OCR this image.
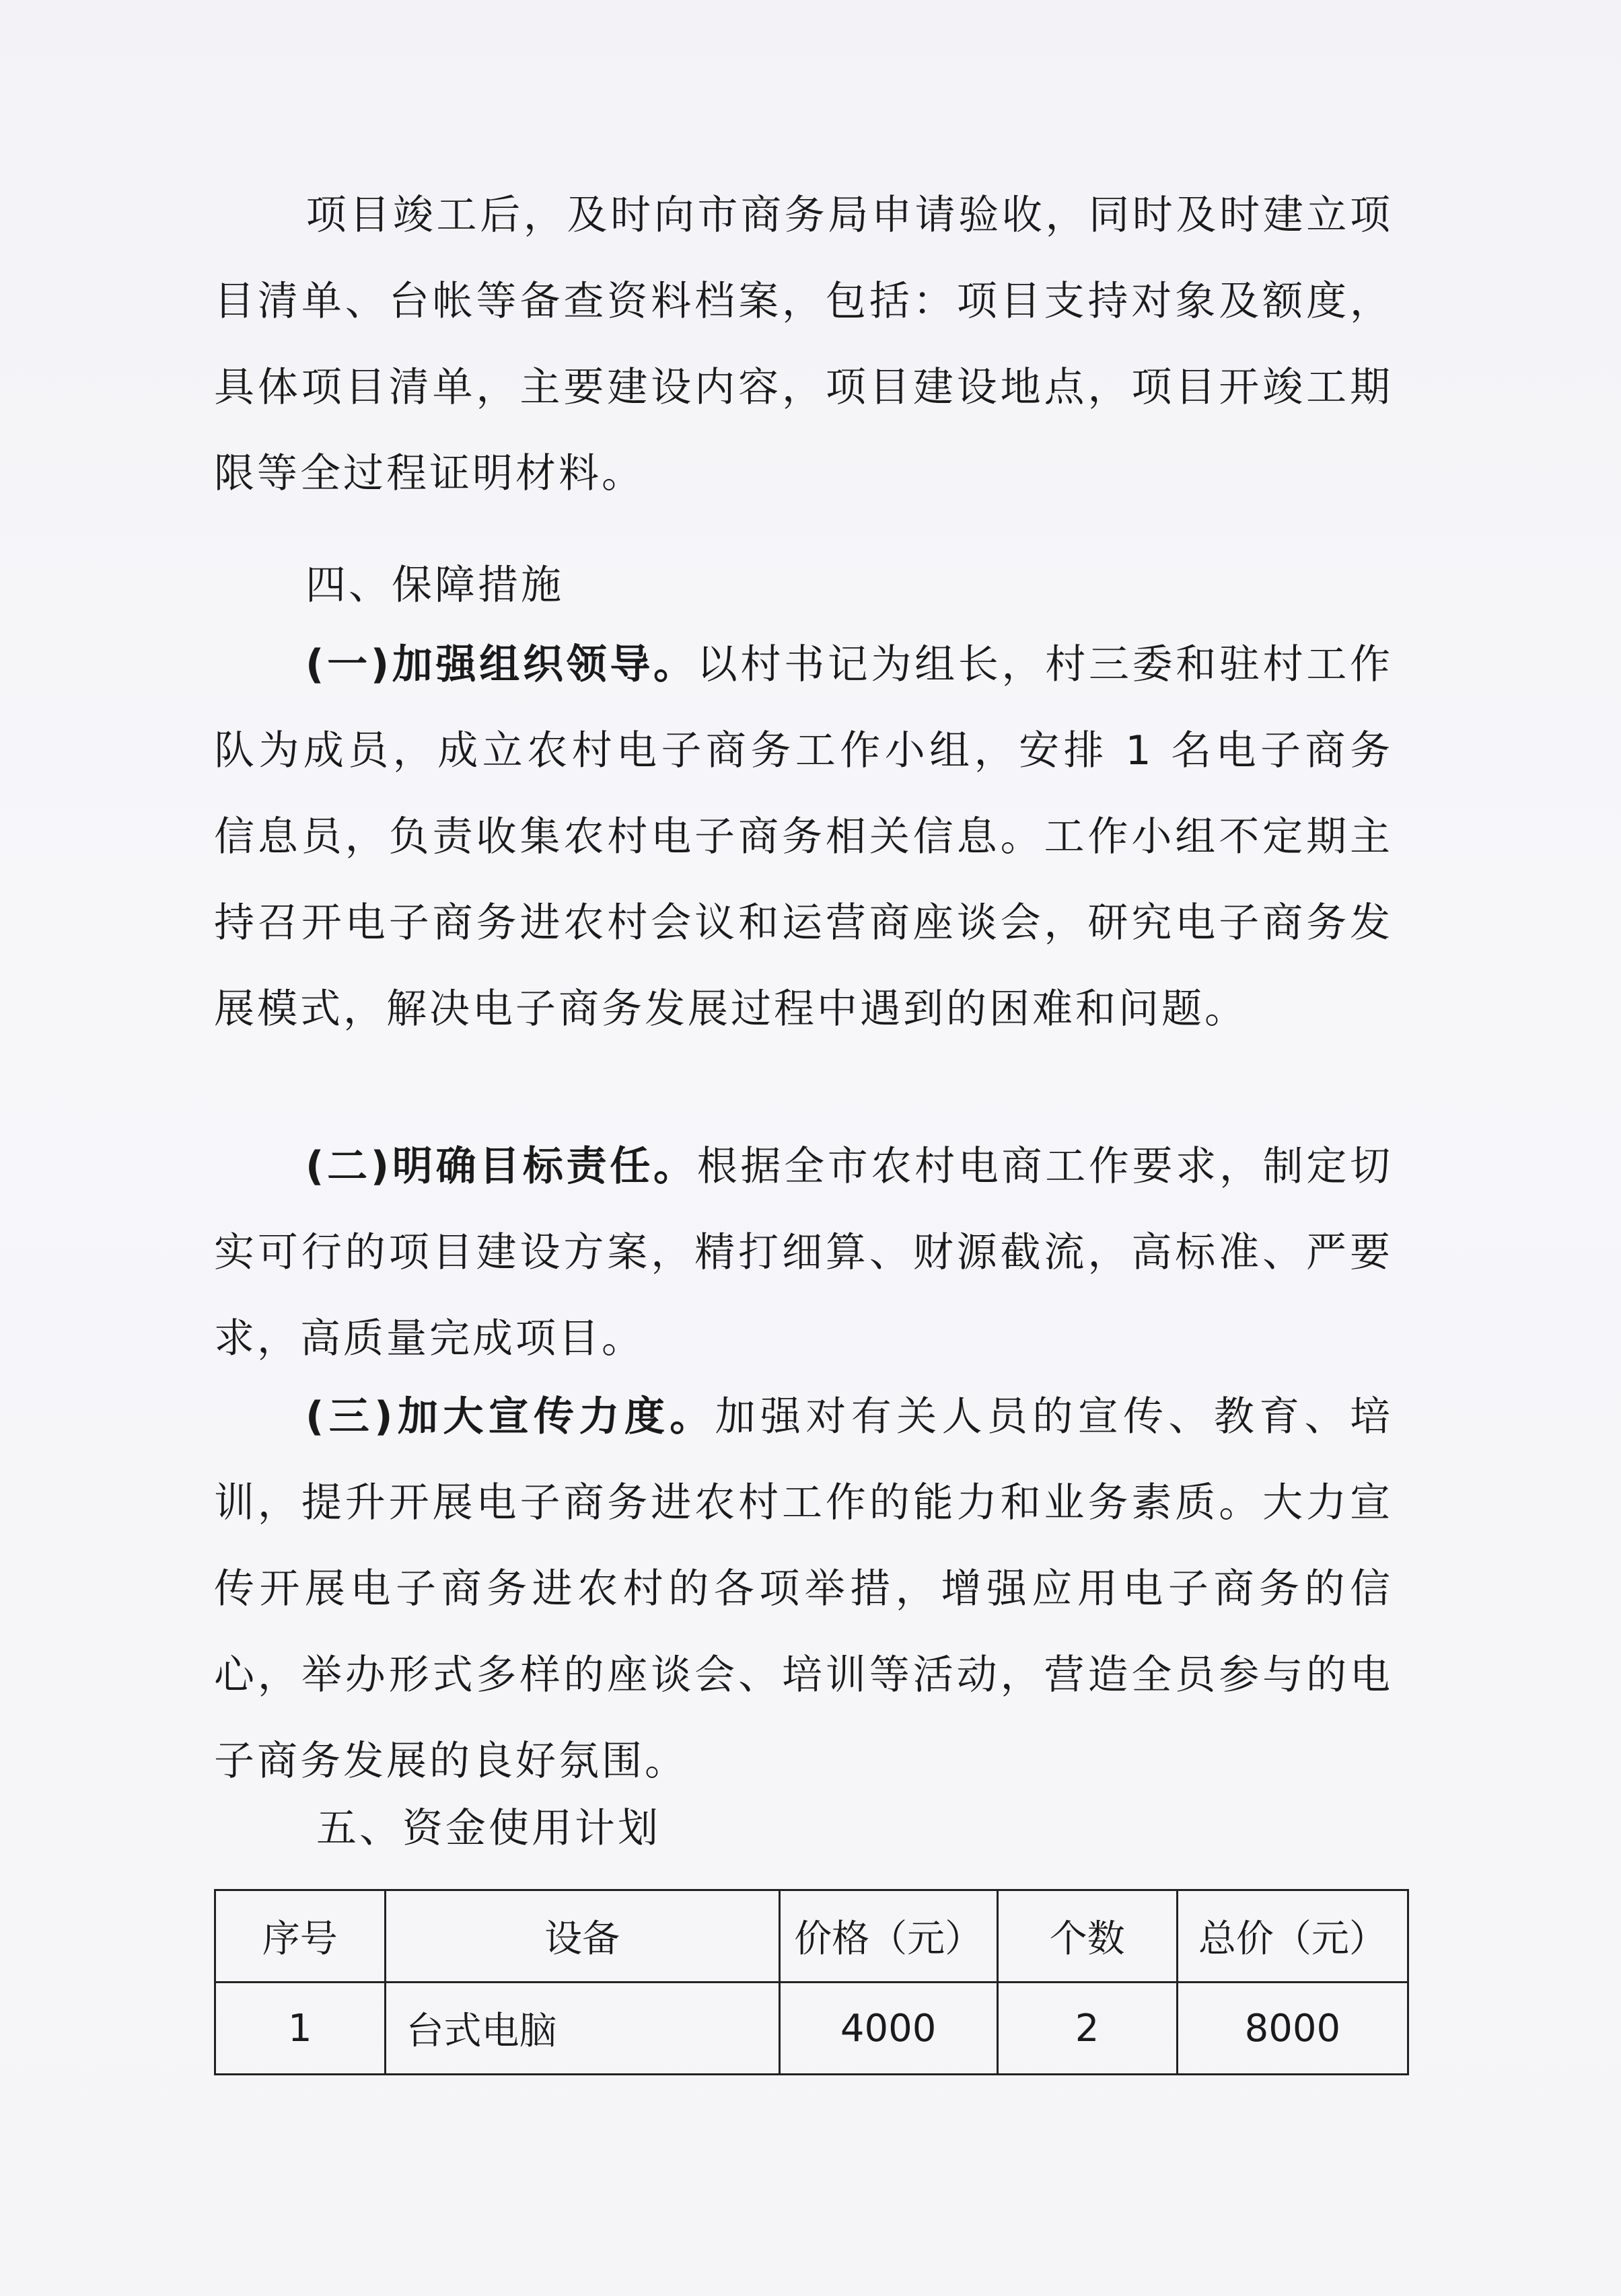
项目竣工后，及时向市商务局申请验收，同时及时建立项目清单、台帐等备查资料档案，包括：项目支持对象及额度，具体项目清单，主要建设内容，项目建设地点，项目开竣工期限等全过程证明材料。

四、保障措施

(一)加强组织领导。以村书记为组长，村三委和驻村工作队为成员，成立农村电子商务工作小组，安排 1 名电子商务信息员，负责收集农村电子商务相关信息。工作小组不定期主持召开电子商务进农村会议和运营商座谈会，研究电子商务发展模式，解决电子商务发展过程中遇到的困难和问题。

(二)明确目标责任。根据全市农村电商工作要求，制定切实可行的项目建设方案，精打细算、财源截流，高标准、严要求，高质量完成项目。

(三)加大宣传力度。加强对有关人员的宣传、教育、培训，提升开展电子商务进农村工作的能力和业务素质。大力宣传开展电子商务进农村的各项举措，增强应用电子商务的信心，举办形式多样的座谈会、培训等活动，营造全员参与的电子商务发展的良好氛围。

五、资金使用计划

序号	设备	价格（元）	个数	总价（元）
1	台式电脑	4000	2	8000
